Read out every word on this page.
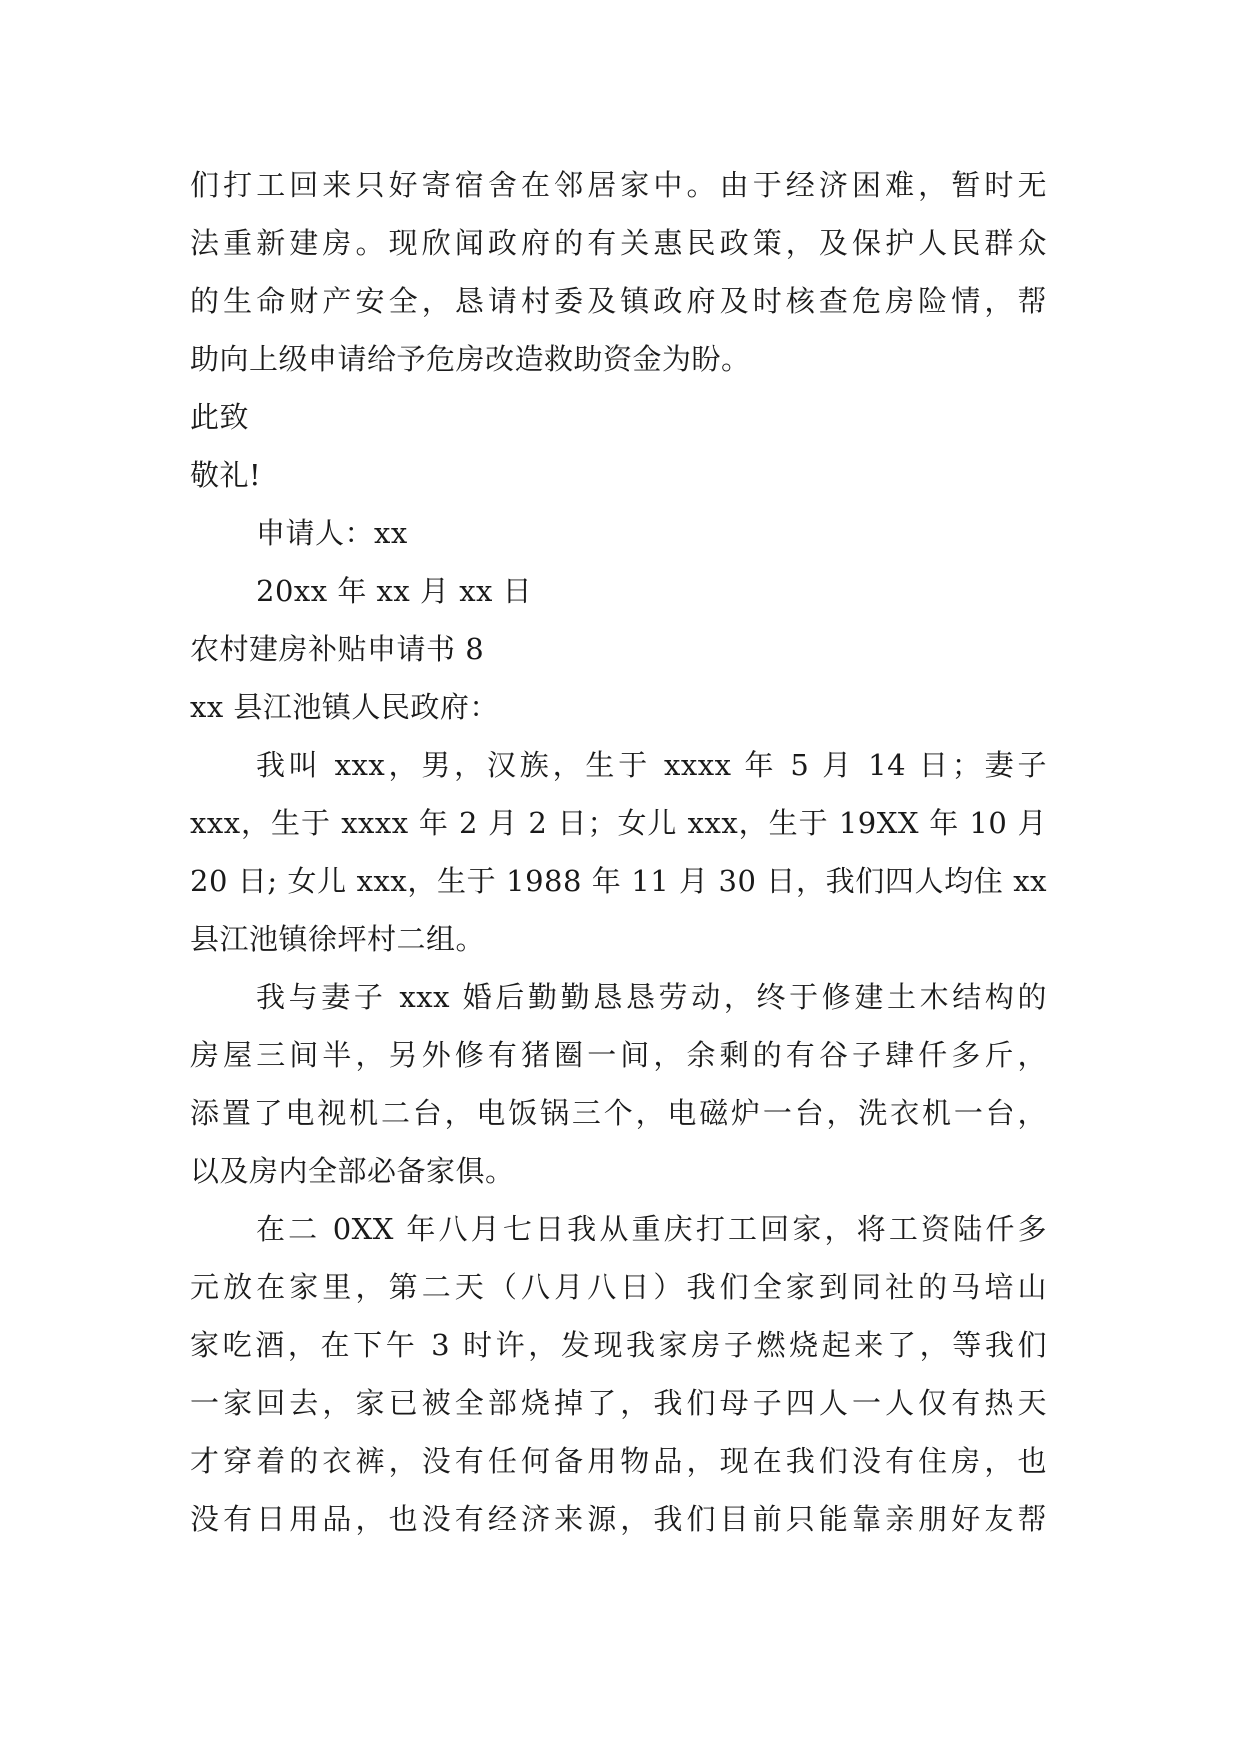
们打工回来只好寄宿舍在邻居家中。由于经济困难，暂时无
法重新建房。现欣闻政府的有关惠民政策，及保护人民群众
的生命财产安全，恳请村委及镇政府及时核查危房险情，帮
助向上级申请给予危房改造救助资金为盼。
此致
敬礼!
申请人：xx
20xx 年 xx 月 xx 日
农村建房补贴申请书 8
xx 县江池镇人民政府：
我叫 xxx，男，汉族，生于 xxxx 年 5 月 14 日；妻子
xxx，生于 xxxx 年 2 月 2 日；女儿 xxx，生于 19XX 年 10 月
20 日; 女儿 xxx，生于 1988 年 11 月 30 日，我们四人均住 xx
县江池镇徐坪村二组。
我与妻子 xxx 婚后勤勤恳恳劳动，终于修建土木结构的
房屋三间半，另外修有猪圈一间，余剩的有谷子肆仟多斤，
添置了电视机二台，电饭锅三个，电磁炉一台，洗衣机一台，
以及房内全部必备家俱。
在二 0XX 年八月七日我从重庆打工回家，将工资陆仟多
元放在家里，第二天（八月八日）我们全家到同社的马培山
家吃酒，在下午 3 时许，发现我家房子燃烧起来了，等我们
一家回去，家已被全部烧掉了，我们母子四人一人仅有热天
才穿着的衣裤，没有任何备用物品，现在我们没有住房，也
没有日用品，也没有经济来源，我们目前只能靠亲朋好友帮
